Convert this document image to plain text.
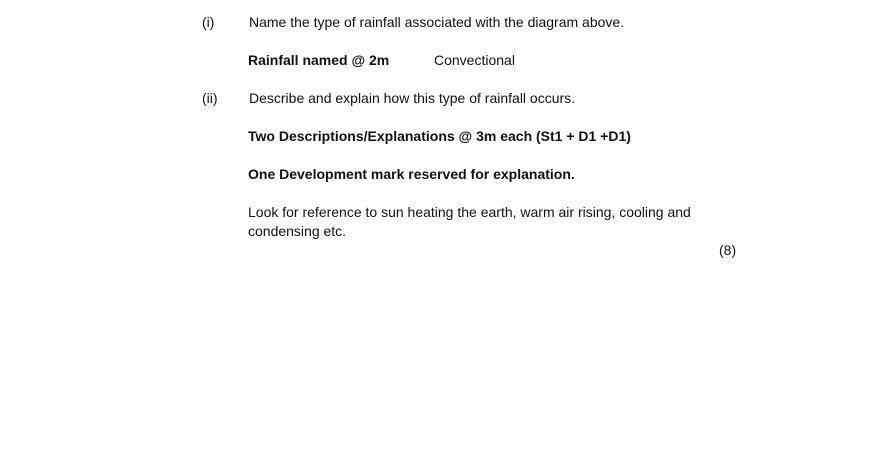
(i) Name the type of rainfall associated with the diagram above.
Rainfall named @ 2m	Convectional
(ii) Describe and explain how this type of rainfall occurs.
Two Descriptions/Explanations @ 3m each (St1 + D1 +D1)
One Development mark reserved for explanation.
Look for reference to sun heating the earth, warm air rising, cooling and
condensing etc.
(8)
